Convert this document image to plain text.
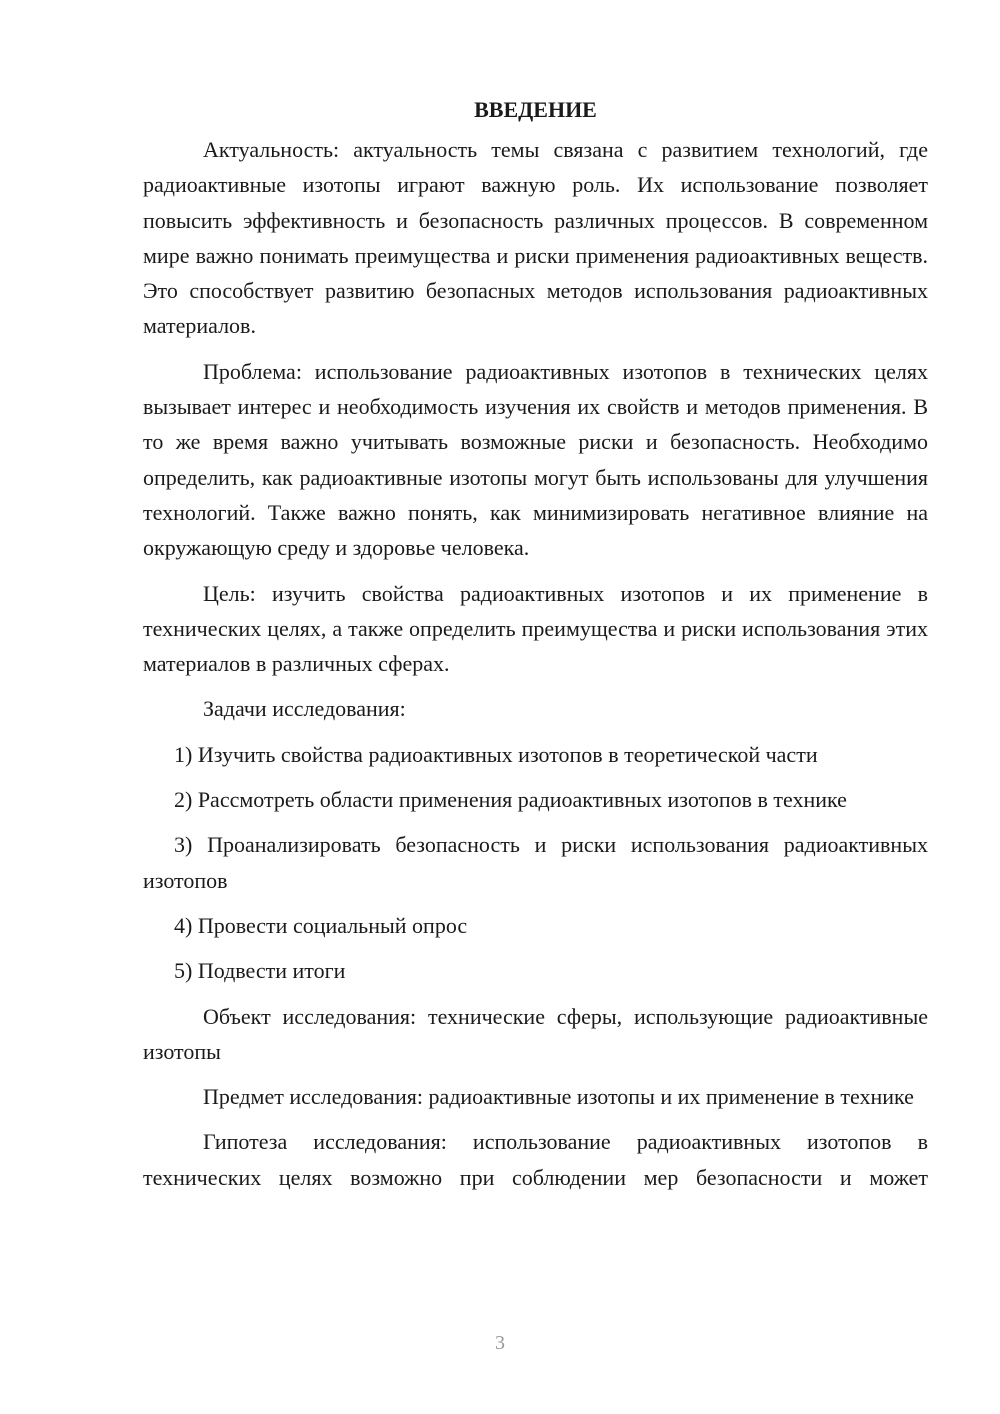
ВВЕДЕНИЕ

Актуальность: актуальность темы связана с развитием технологий, где радиоактивные изотопы играют важную роль. Их использование позволяет повысить эффективность и безопасность различных процессов. В современном мире важно понимать преимущества и риски применения радиоактивных веществ. Это способствует развитию безопасных методов использования радиоактивных материалов.

Проблема: использование радиоактивных изотопов в технических целях вызывает интерес и необходимость изучения их свойств и методов применения. В то же время важно учитывать возможные риски и безопасность. Необходимо определить, как радиоактивные изотопы могут быть использованы для улучшения технологий. Также важно понять, как минимизировать негативное влияние на окружающую среду и здоровье человека.

Цель: изучить свойства радиоактивных изотопов и их применение в технических целях, а также определить преимущества и риски использования этих материалов в различных сферах.

Задачи исследования:

1) Изучить свойства радиоактивных изотопов в теоретической части

2) Рассмотреть области применения радиоактивных изотопов в технике

3) Проанализировать безопасность и риски использования радиоактивных изотопов

4) Провести социальный опрос

5) Подвести итоги

Объект исследования: технические сферы, использующие радиоактивные изотопы

Предмет исследования: радиоактивные изотопы и их применение в технике

Гипотеза исследования: использование радиоактивных изотопов в технических целях возможно при соблюдении мер безопасности и может

3
